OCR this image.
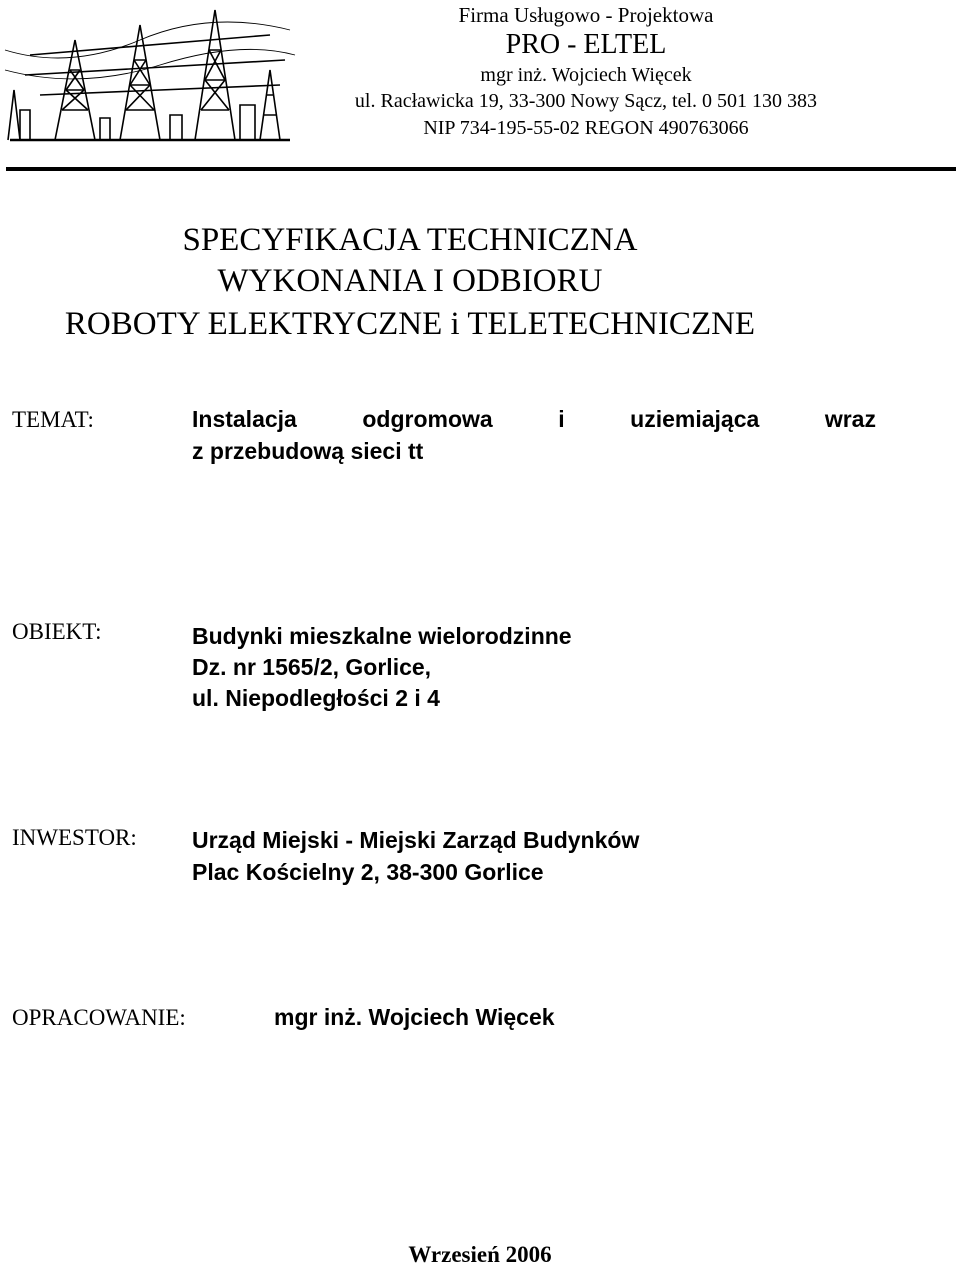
Firma Usługowo - Projektowa
PRO - ELTEL
mgr inż. Wojciech Więcek
ul. Racławicka 19, 33-300 Nowy Sącz, tel. 0 501 130 383
NIP 734-195-55-02 REGON 490763066
SPECYFIKACJA TECHNICZNA
WYKONANIA I ODBIORU
ROBOTY ELEKTRYCZNE i TELETECHNICZNE
TEMAT:	Instalacja	odgromowa	i	uziemiająca	wraz
z przebudową sieci tt
OBIEKT:	Budynki mieszkalne wielorodzinne
Dz. nr 1565/2, Gorlice,
ul. Niepodległości 2 i 4
INWESTOR: Urząd Miejski - Miejski Zarząd Budynków
Plac Kościelny 2, 38-300 Gorlice
OPRACOWANIE:	mgr inż. Wojciech Więcek
Wrzesień 2006
